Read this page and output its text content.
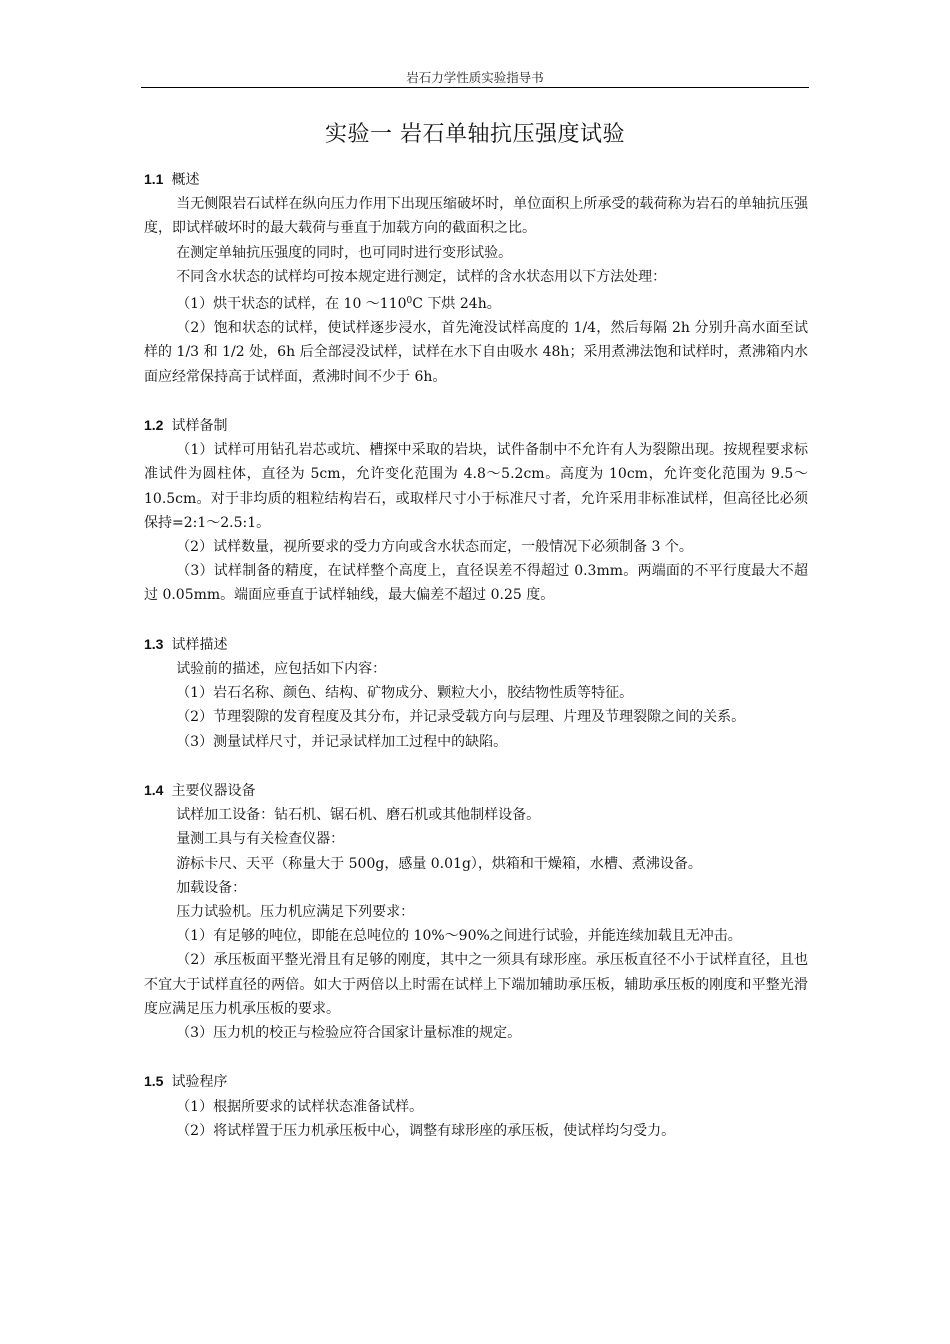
岩石力学性质实验指导书
实验一 岩石单轴抗压强度试验
1.1 概述

当无侧限岩石试样在纵向压力作用下出现压缩破坏时，单位面积上所承受的载荷称为岩石的单轴抗压强度，即试样破坏时的最大载荷与垂直于加载方向的截面积之比。

在测定单轴抗压强度的同时，也可同时进行变形试验。

不同含水状态的试样均可按本规定进行测定，试样的含水状态用以下方法处理：

（1）烘干状态的试样，在 10 $\sim 110^0C$ 下烘 24h。

（2）饱和状态的试样，使试样逐步浸水，首先淹没试样高度的 1/4，然后每隔 2h 分别升高水面至试样的 1/3 和 1/2 处，6h 后全部浸没试样，试样在水下自由吸水 48h；采用煮沸法饱和试样时，煮沸箱内水面应经常保持高于试样面，煮沸时间不少于 6h。

1.2 试样备制

（1）试样可用钻孔岩芯或坑、槽探中采取的岩块，试件备制中不允许有人为裂隙出现。按规程要求标准试件为圆柱体，直径为 5cm，允许变化范围为 4.8～5.2cm。高度为 10cm，允许变化范围为 9.5～10.5cm。对于非均质的粗粒结构岩石，或取样尺寸小于标准尺寸者，允许采用非标准试样，但高径比必须保持=2:1～2.5:1。

（2）试样数量，视所要求的受力方向或含水状态而定，一般情况下必须制备 3 个。

（3）试样制备的精度，在试样整个高度上，直径误差不得超过 0.3mm。两端面的不平行度最大不超过 0.05mm。端面应垂直于试样轴线，最大偏差不超过 0.25 度。

1.3 试样描述

试验前的描述，应包括如下内容：

（1）岩石名称、颜色、结构、矿物成分、颗粒大小，胶结物性质等特征。

（2）节理裂隙的发育程度及其分布，并记录受载方向与层理、片理及节理裂隙之间的关系。

（3）测量试样尺寸，并记录试样加工过程中的缺陷。

1.4 主要仪器设备

试样加工设备：钻石机、锯石机、磨石机或其他制样设备。

量测工具与有关检查仪器：

游标卡尺、天平（称量大于 500g，感量 0.01g），烘箱和干燥箱，水槽、煮沸设备。

加载设备：

压力试验机。压力机应满足下列要求：

（1）有足够的吨位，即能在总吨位的 10%～90%之间进行试验，并能连续加载且无冲击。

（2）承压板面平整光滑且有足够的刚度，其中之一须具有球形座。承压板直径不小于试样直径，且也不宜大于试样直径的两倍。如大于两倍以上时需在试样上下端加辅助承压板，辅助承压板的刚度和平整光滑度应满足压力机承压板的要求。

（3）压力机的校正与检验应符合国家计量标准的规定。

1.5 试验程序

（1）根据所要求的试样状态准备试样。

（2）将试样置于压力机承压板中心，调整有球形座的承压板，使试样均匀受力。
